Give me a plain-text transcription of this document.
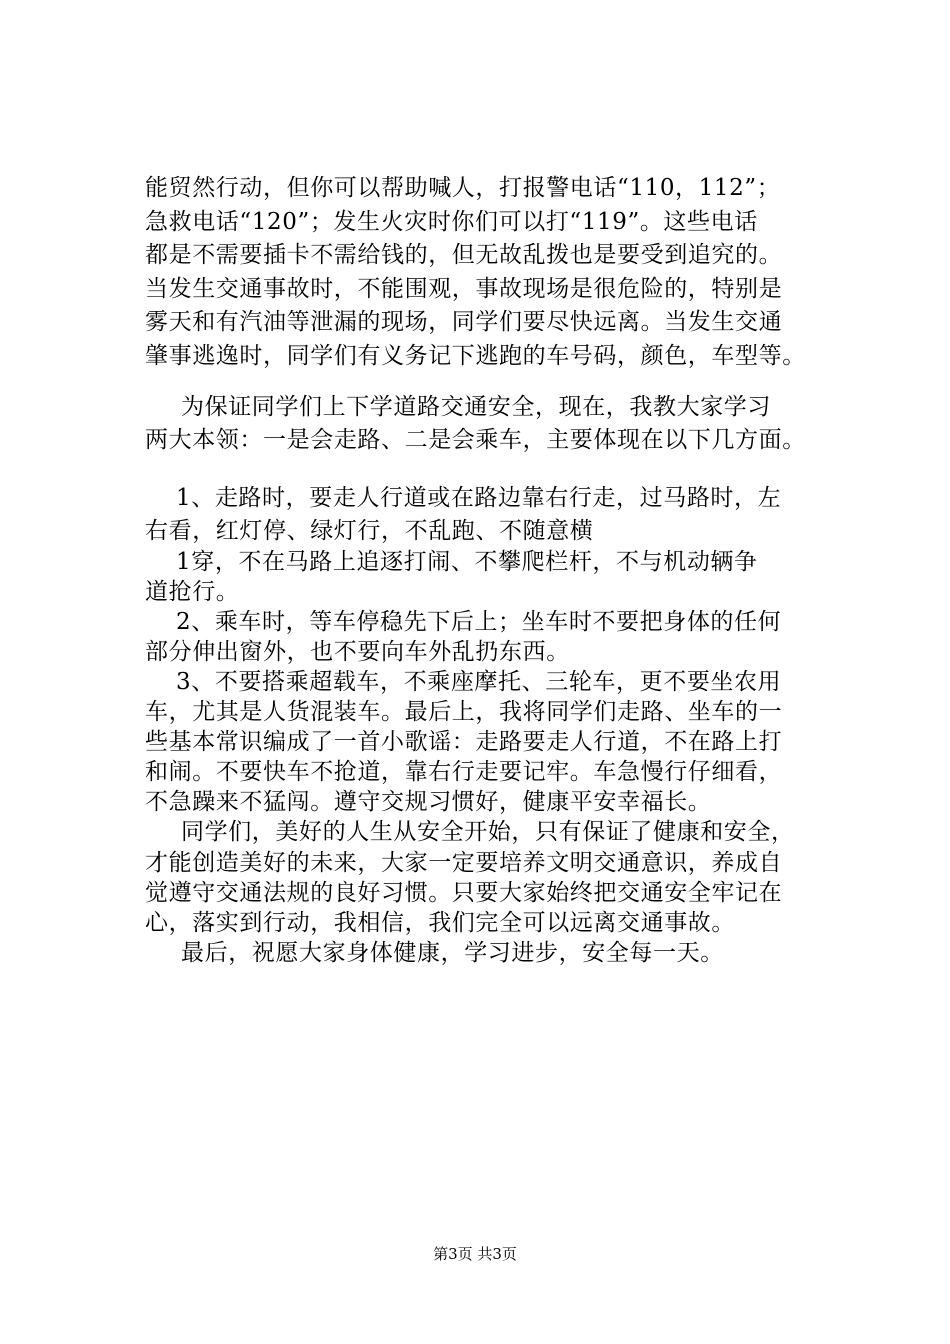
能贸然行动，但你可以帮助喊人，打报警电话“110，112”；
急救电话“120”；发生火灾时你们可以打“119”。这些电话
都是不需要插卡不需给钱的，但无故乱拨也是要受到追究的。
当发生交通事故时，不能围观，事故现场是很危险的，特别是
雾天和有汽油等泄漏的现场，同学们要尽快远离。当发生交通
肇事逃逸时，同学们有义务记下逃跑的车号码，颜色，车型等。
为保证同学们上下学道路交通安全，现在，我教大家学习
两大本领：一是会走路、二是会乘车，主要体现在以下几方面。
1、走路时，要走人行道或在路边靠右行走，过马路时，左
右看，红灯停、绿灯行，不乱跑、不随意横
1穿，不在马路上追逐打闹、不攀爬栏杆，不与机动辆争
道抢行。
2、乘车时，等车停稳先下后上；坐车时不要把身体的任何
部分伸出窗外，也不要向车外乱扔东西。
3、不要搭乘超载车，不乘座摩托、三轮车，更不要坐农用
车，尤其是人货混装车。最后上，我将同学们走路、坐车的一
些基本常识编成了一首小歌谣：走路要走人行道，不在路上打
和闹。不要快车不抢道，靠右行走要记牢。车急慢行仔细看，
不急躁来不猛闯。遵守交规习惯好，健康平安幸福长。
同学们，美好的人生从安全开始，只有保证了健康和安全，
才能创造美好的未来，大家一定要培养文明交通意识，养成自
觉遵守交通法规的良好习惯。只要大家始终把交通安全牢记在
心，落实到行动，我相信，我们完全可以远离交通事故。
最后，祝愿大家身体健康，学习进步，安全每一天。
第3页 共3页
